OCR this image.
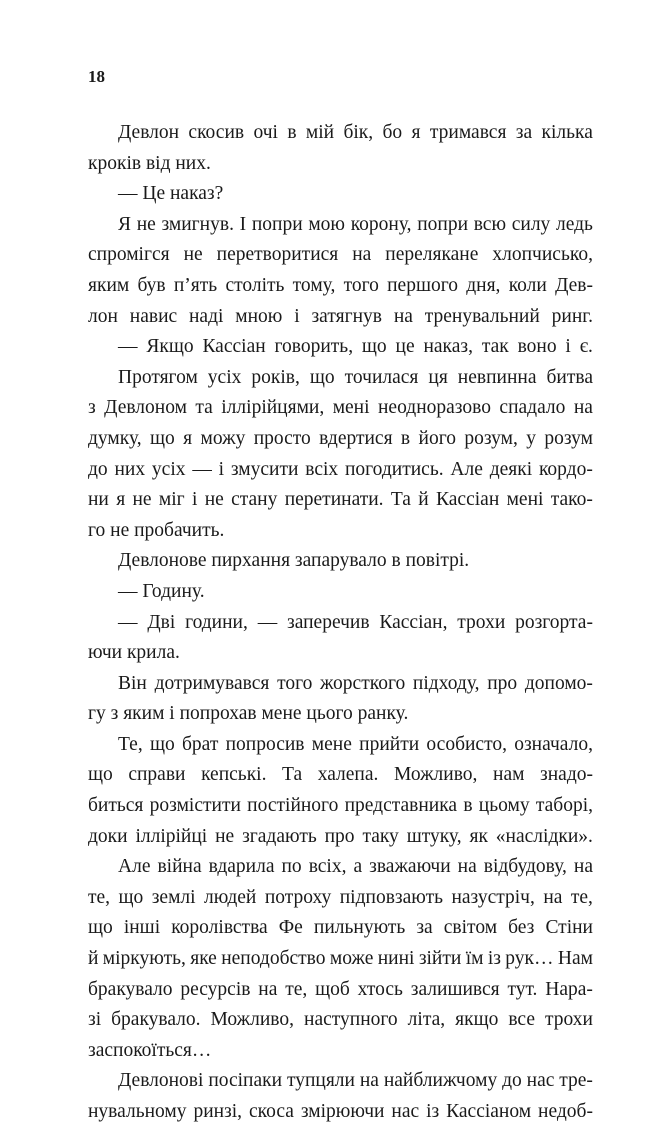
18
Девлон скосив очі в мій бік, бо я тримався за кілька
кроків від них.
— Це наказ?
Я не змигнув. І попри мою корону, попри всю силу ледь
спромігся не перетворитися на перелякане хлопчисько,
яким був п’ять століть тому, того першого дня, коли Дев-
лон навис наді мною і затягнув на тренувальний ринг.
— Якщо Кассіан говорить, що це наказ, так воно і є.
Протягом усіх років, що точилася ця невпинна битва
з Девлоном та іллірійцями, мені неодноразово спадало на
думку, що я можу просто вдертися в його розум, у розум
до них усіх — і змусити всіх погодитись. Але деякі кордо-
ни я не міг і не стану перетинати. Та й Кассіан мені тако-
го не пробачить.
Девлонове пирхання запарувало в повітрі.
— Годину.
— Дві години, — заперечив Кассіан, трохи розгорта-
ючи крила.
Він дотримувався того жорсткого підходу, про допомо-
гу з яким і попрохав мене цього ранку.
Те, що брат попросив мене прийти особисто, означало,
що справи кепські. Та халепа. Можливо, нам знадо-
биться розмістити постійного представника в цьому таборі,
доки іллірійці не згадають про таку штуку, як «наслідки».
Але війна вдарила по всіх, а зважаючи на відбудову, на
те, що землі людей потроху підповзають назустріч, на те,
що інші королівства Фе пильнують за світом без Стіни
й міркують, яке неподобство може нині зійти їм із рук… Нам
бракувало ресурсів на те, щоб хтось залишився тут. Нара-
зі бракувало. Можливо, наступного літа, якщо все трохи
заспокоїться…
Девлонові посіпаки тупцяли на найближчому до нас тре-
нувальному ринзі, скоса змірюючи нас із Кассіаном недоб-
